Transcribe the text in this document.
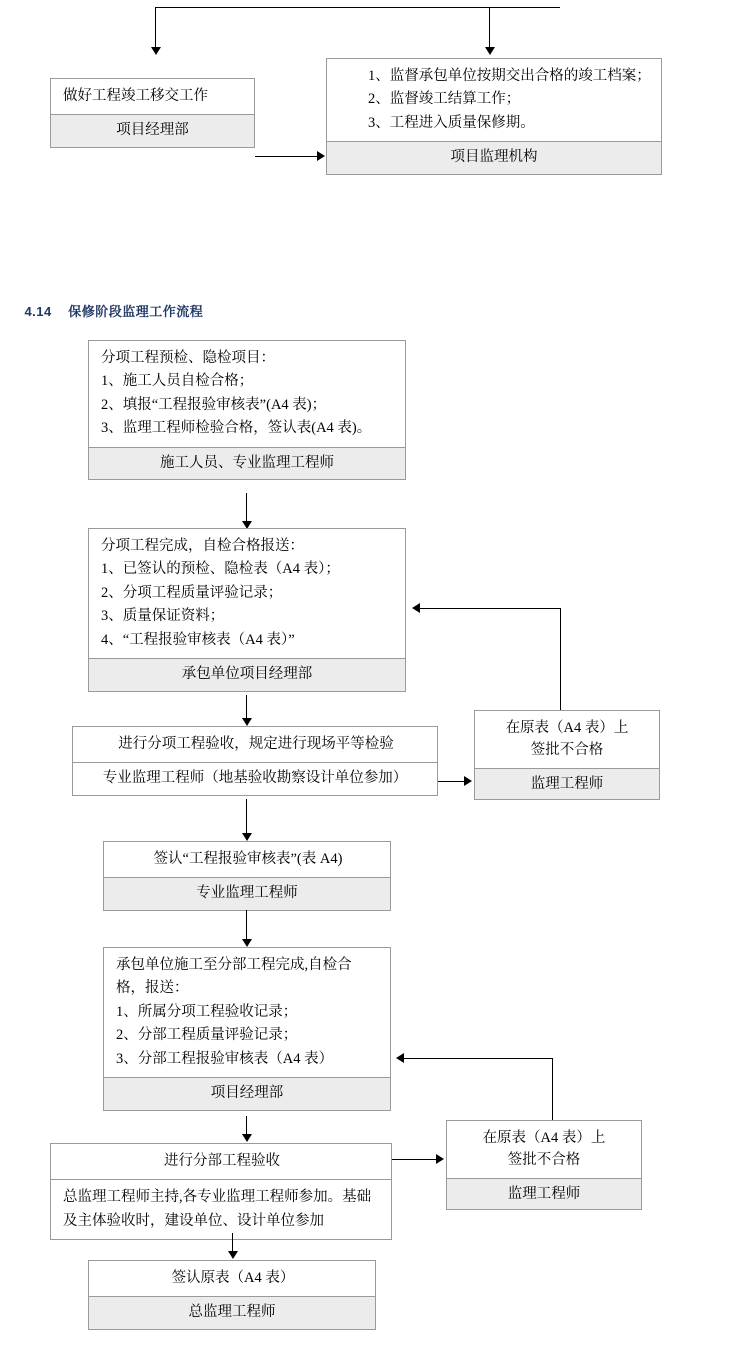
做好工程竣工移交工作
项目经理部
1、监督承包单位按期交出合格的竣工档案；
2、监督竣工结算工作；
3、工程进入质量保修期。
项目监理机构

4.14 保修阶段监理工作流程

分项工程预检、隐检项目：
1、施工人员自检合格；
2、填报“工程报验审核表”(A4 表)；
3、监理工程师检验合格，签认表(A4 表)。
施工人员、专业监理工程师
分项工程完成，自检合格报送：
1、已签认的预检、隐检表（A4 表）；
2、分项工程质量评验记录；
3、质量保证资料；
4、“工程报验审核表（A4 表）”
承包单位项目经理部
进行分项工程验收，规定进行现场平等检验
专业监理工程师（地基验收勘察设计单位参加）
在原表（A4 表）上
签批不合格
监理工程师
签认“工程报验审核表”(表 A4)
专业监理工程师
承包单位施工至分部工程完成,自检合格，报送：
1、所属分项工程验收记录；
2、分部工程质量评验记录；
3、分部工程报验审核表（A4 表）
项目经理部
进行分部工程验收
总监理工程师主持,各专业监理工程师参加。基础及主体验收时，建设单位、设计单位参加
在原表（A4 表）上
签批不合格
监理工程师
签认原表（A4 表）
总监理工程师
